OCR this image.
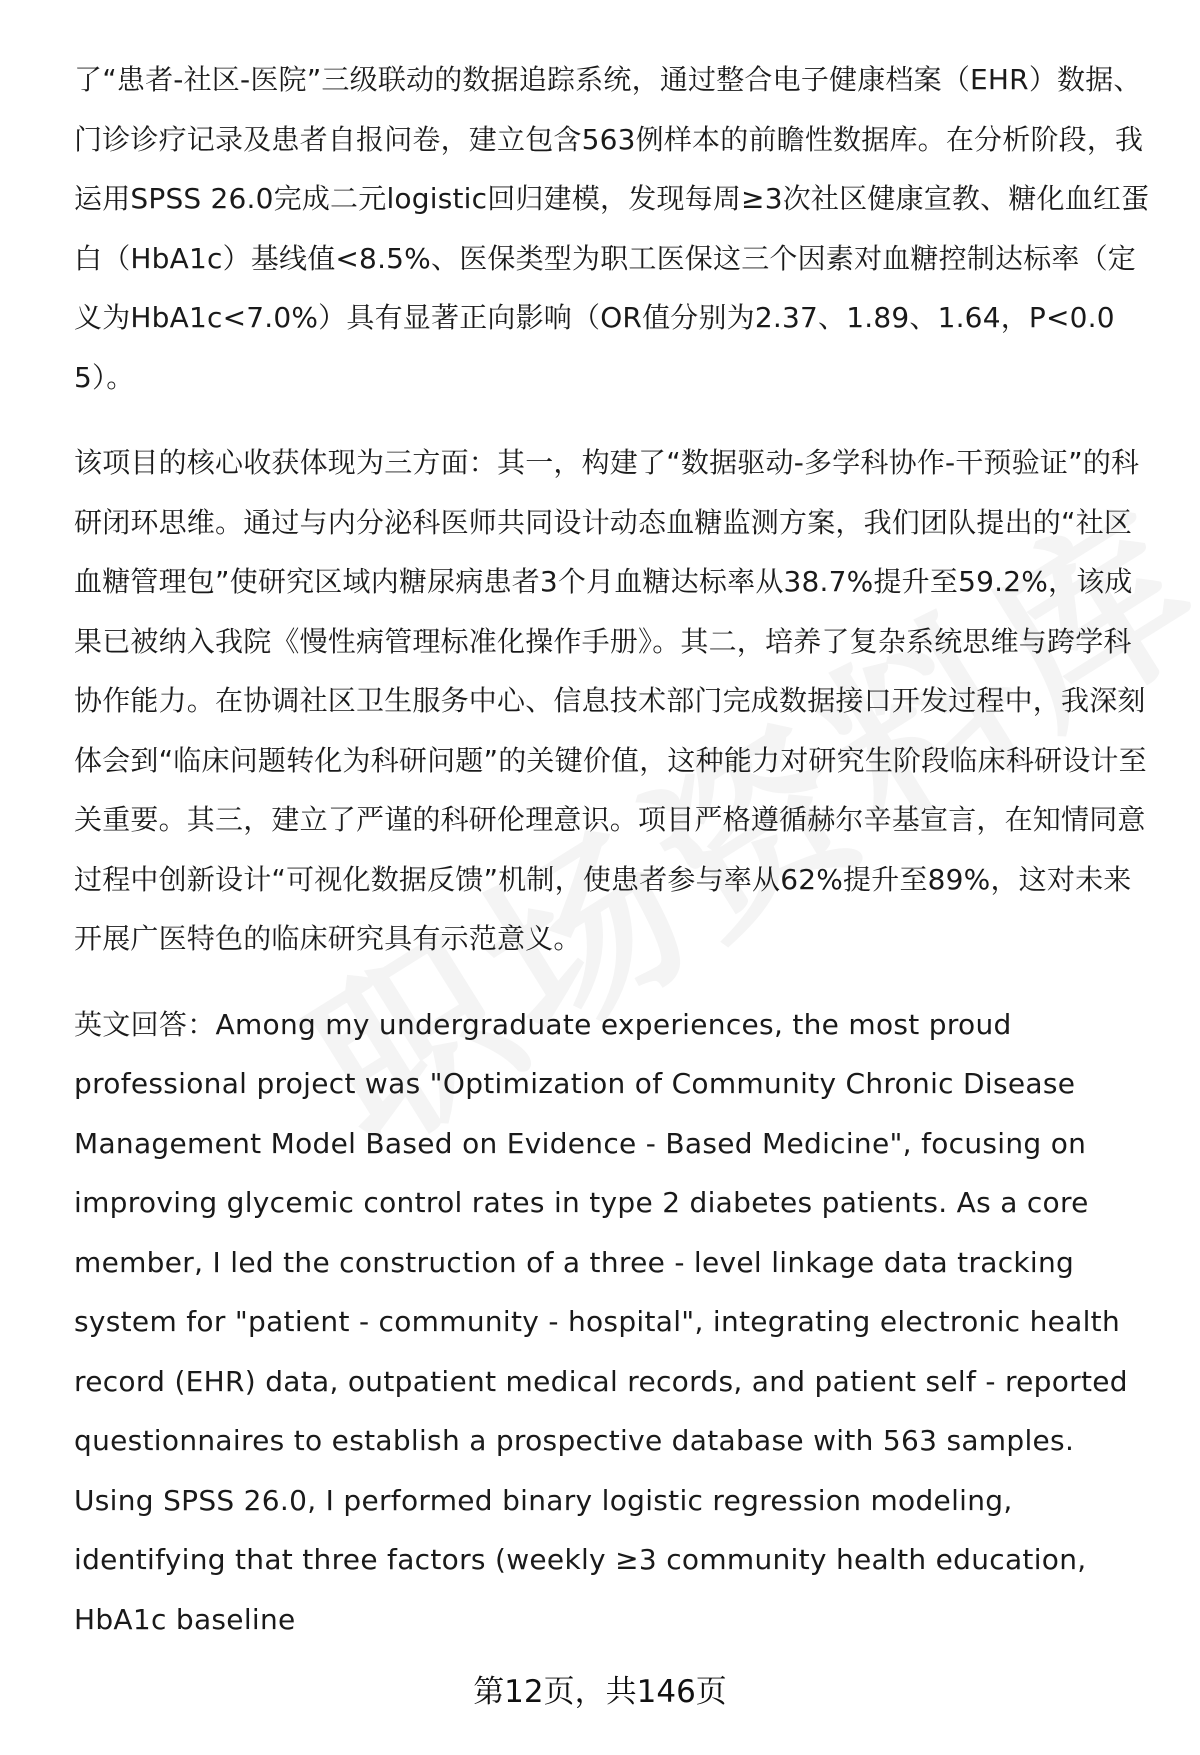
了“患者-社区-医院”三级联动的数据追踪系统，通过整合电子健康档案（EHR）数据、门诊诊疗记录及患者自报问卷，建立包含563例样本的前瞻性数据库。在分析阶段，我运用SPSS 26.0完成二元logistic回归建模，发现每周≥3次社区健康宣教、糖化血红蛋白（HbA1c）基线值<8.5%、医保类型为职工医保这三个因素对血糖控制达标率（定义为HbA1c<7.0%）具有显著正向影响（OR值分别为2.37、1.89、1.64，P<0.05）。

该项目的核心收获体现为三方面：其一，构建了“数据驱动-多学科协作-干预验证”的科研闭环思维。通过与内分泌科医师共同设计动态血糖监测方案，我们团队提出的“社区血糖管理包”使研究区域内糖尿病患者3个月血糖达标率从38.7%提升至59.2%，该成果已被纳入我院《慢性病管理标准化操作手册》。其二，培养了复杂系统思维与跨学科协作能力。在协调社区卫生服务中心、信息技术部门完成数据接口开发过程中，我深刻体会到“临床问题转化为科研问题”的关键价值，这种能力对研究生阶段临床科研设计至关重要。其三，建立了严谨的科研伦理意识。项目严格遵循赫尔辛基宣言，在知情同意过程中创新设计“可视化数据反馈”机制，使患者参与率从62%提升至89%，这对未来开展广医特色的临床研究具有示范意义。

英文回答：Among my undergraduate experiences, the most proud professional project was "Optimization of Community Chronic Disease Management Model Based on Evidence - Based Medicine", focusing on improving glycemic control rates in type 2 diabetes patients. As a core member, I led the construction of a three - level linkage data tracking system for "patient - community - hospital", integrating electronic health record (EHR) data, outpatient medical records, and patient self - reported questionnaires to establish a prospective database with 563 samples. Using SPSS 26.0, I performed binary logistic regression modeling, identifying that three factors (weekly ≥3 community health education, HbA1c baseline

第12页，共146页
